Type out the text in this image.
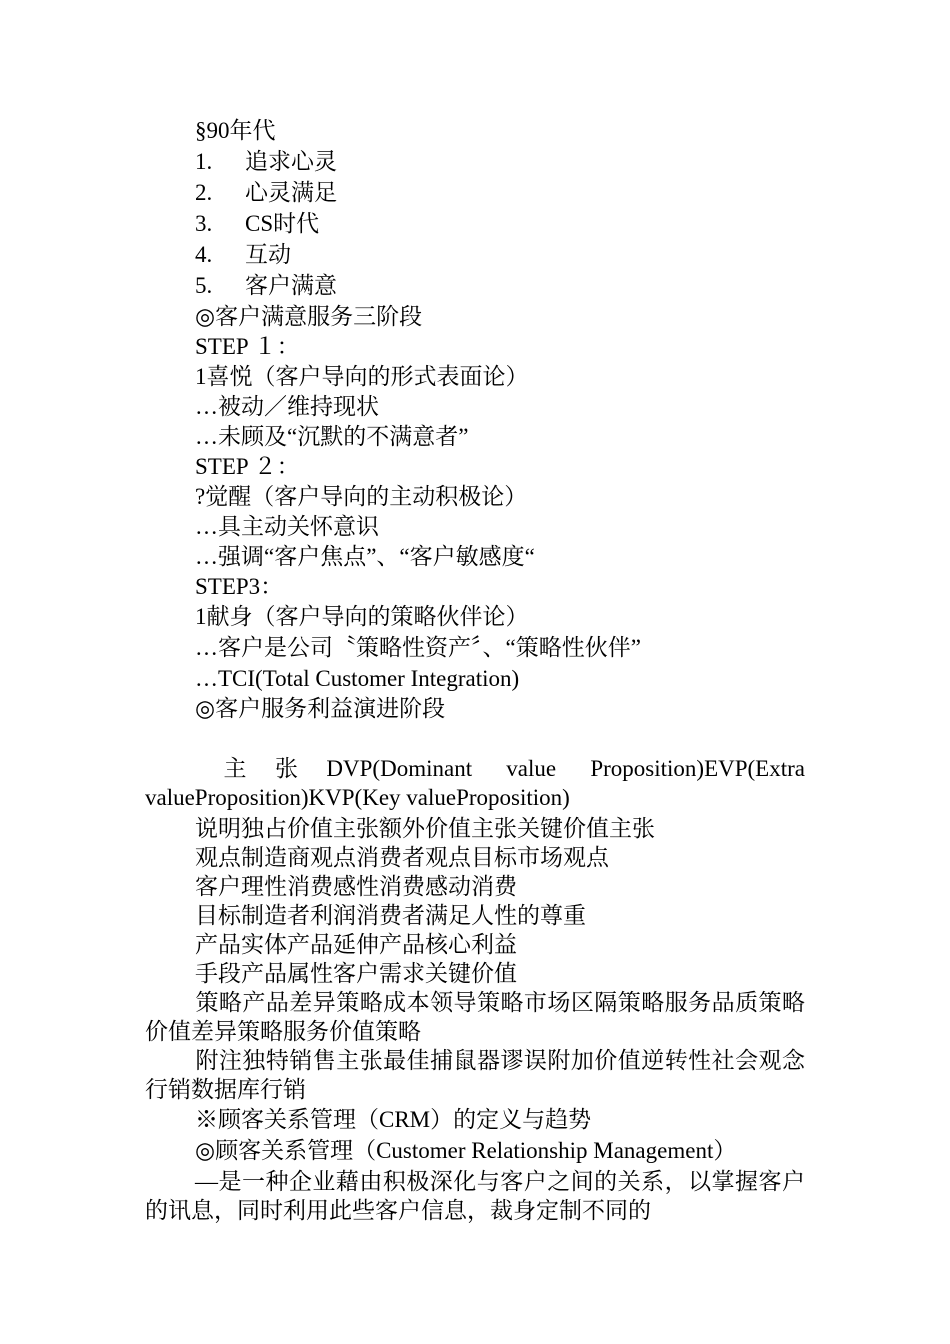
§90年代
1. 追求心灵
2. 心灵满足
3. CS时代
4. 互动
5. 客户满意
◎客户满意服务三阶段
STEP １：
1喜悦（客户导向的形式表面论）
…被动／维持现状
…未顾及“沉默的不满意者”
STEP ２：
?觉醒（客户导向的主动积极论）
…具主动关怀意识
…强调“客户焦点”、“客户敏感度“
STEP3：
1献身（客户导向的策略伙伴论）
…客户是公司〝策略性资产〞、“策略性伙伴”
…TCI(Total Customer Integration)
◎客户服务利益演进阶段
主张DVP(Dominant value Proposition)EVP(Extra valueProposition)KVP(Key valueProposition)
说明独占价值主张额外价值主张关键价值主张
观点制造商观点消费者观点目标市场观点
客户理性消费感性消费感动消费
目标制造者利润消费者满足人性的尊重
产品实体产品延伸产品核心利益
手段产品属性客户需求关键价值
策略产品差异策略成本领导策略市场区隔策略服务品质策略价值差异策略服务价值策略
附注独特销售主张最佳捕鼠器谬误附加价值逆转性社会观念行销数据库行销
※顾客关系管理（CRM）的定义与趋势
◎顾客关系管理（Customer Relationship Management）
—是一种企业藉由积极深化与客户之间的关系，以掌握客户的讯息，同时利用此些客户信息，裁身定制不同的
